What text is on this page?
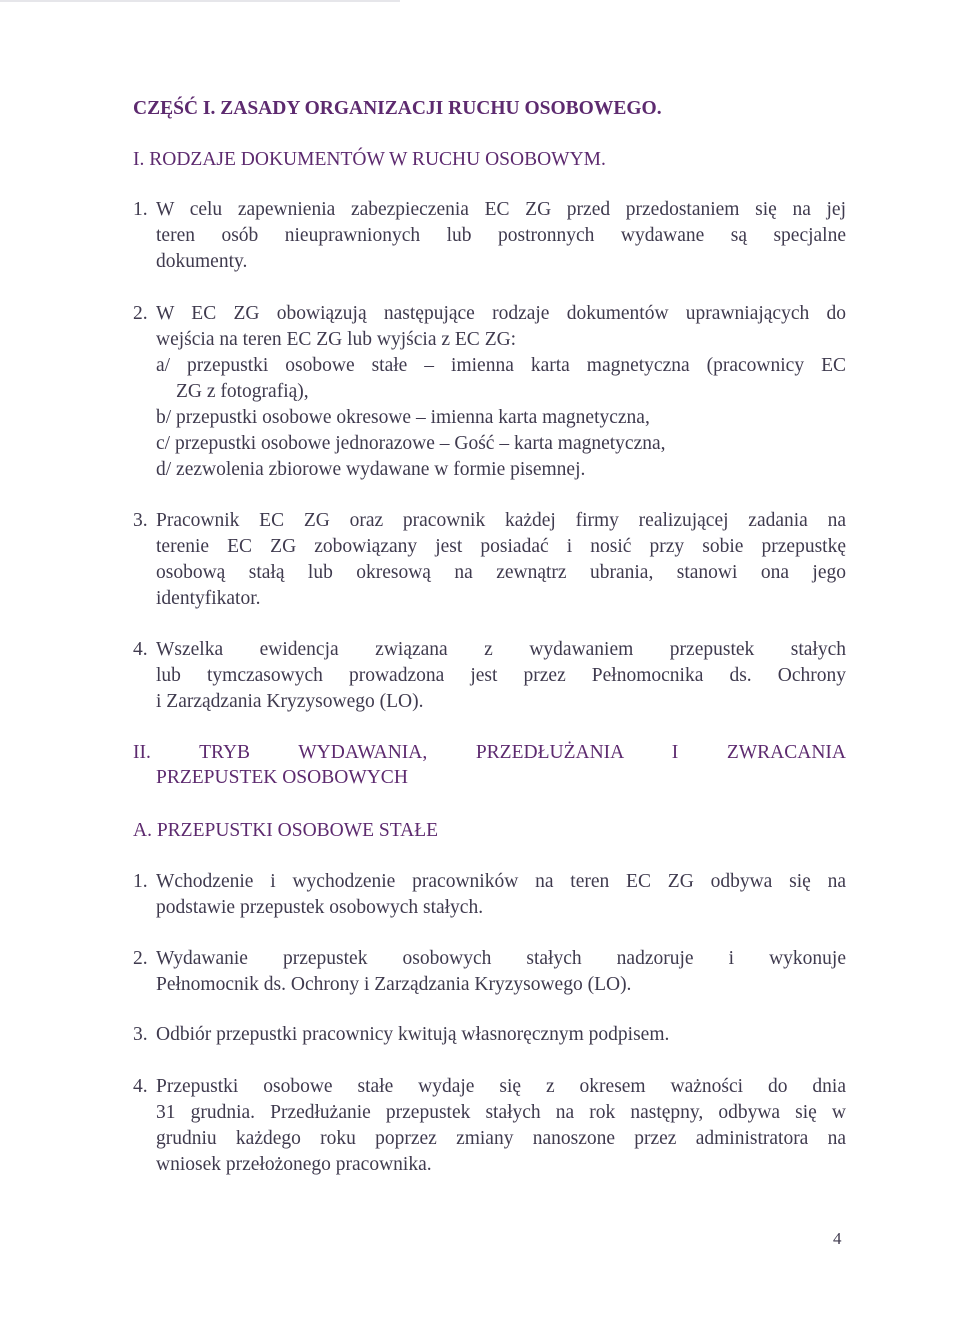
CZĘŚĆ I. ZASADY ORGANIZACJI RUCHU OSOBOWEGO.
I. RODZAJE DOKUMENTÓW W RUCHU OSOBOWYM.
1. W celu zapewnienia zabezpieczenia EC ZG przed przedostaniem się na jej
teren osób nieuprawnionych lub postronnych wydawane są specjalne
dokumenty.
2. W EC ZG obowiązują następujące rodzaje dokumentów uprawniających do
wejścia na teren EC ZG lub wyjścia z EC ZG:
a/ przepustki osobowe stałe – imienna karta magnetyczna (pracownicy EC
ZG z fotografią),
b/ przepustki osobowe okresowe – imienna karta magnetyczna,
c/ przepustki osobowe jednorazowe – Gość – karta magnetyczna,
d/ zezwolenia zbiorowe wydawane w formie pisemnej.
3. Pracownik EC ZG oraz pracownik każdej firmy realizującej zadania na
terenie EC ZG zobowiązany jest posiadać i nosić przy sobie przepustkę
osobową stałą lub okresową na zewnątrz ubrania, stanowi ona jego
identyfikator.
4. Wszelka ewidencja związana z wydawaniem przepustek stałych
lub tymczasowych prowadzona jest przez Pełnomocnika ds. Ochrony
i Zarządzania Kryzysowego (LO).
II. TRYB WYDAWANIA, PRZEDŁUŻANIA I ZWRACANIA
PRZEPUSTEK OSOBOWYCH
A. PRZEPUSTKI OSOBOWE STAŁE
1. Wchodzenie i wychodzenie pracowników na teren EC ZG odbywa się na
podstawie przepustek osobowych stałych.
2. Wydawanie przepustek osobowych stałych nadzoruje i wykonuje
Pełnomocnik ds. Ochrony i Zarządzania Kryzysowego (LO).
3. Odbiór przepustki pracownicy kwitują własnoręcznym podpisem.
4. Przepustki osobowe stałe wydaje się z okresem ważności do dnia
31 grudnia. Przedłużanie przepustek stałych na rok następny, odbywa się w
grudniu każdego roku poprzez zmiany nanoszone przez administratora na
wniosek przełożonego pracownika.
4
